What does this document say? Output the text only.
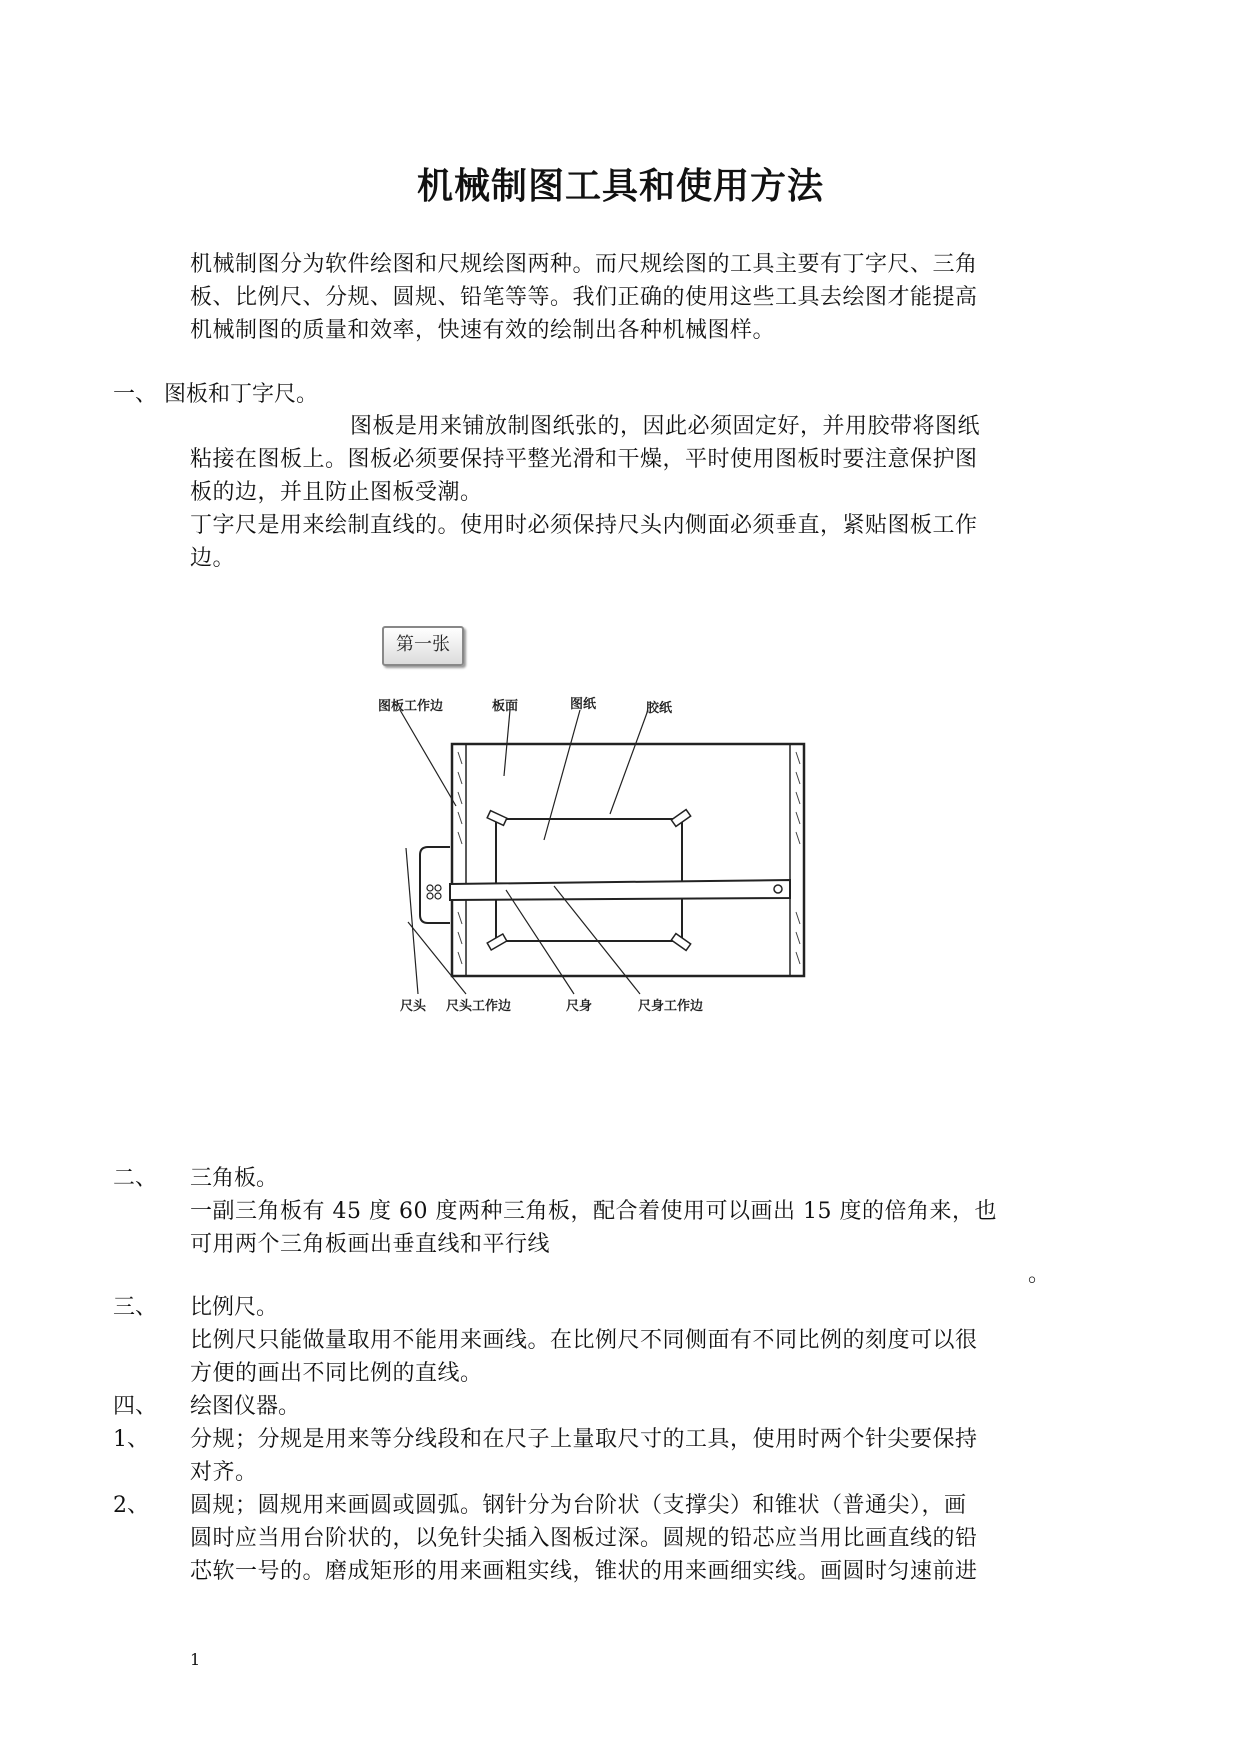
机械制图工具和使用方法
机械制图分为软件绘图和尺规绘图两种。而尺规绘图的工具主要有丁字尺、三角
板、比例尺、分规、圆规、铅笔等等。我们正确的使用这些工具去绘图才能提高
机械制图的质量和效率，快速有效的绘制出各种机械图样。
一、 图板和丁字尺。
图板是用来铺放制图纸张的，因此必须固定好，并用胶带将图纸
粘接在图板上。图板必须要保持平整光滑和干燥，平时使用图板时要注意保护图
板的边，并且防止图板受潮。
丁字尺是用来绘制直线的。使用时必须保持尺头内侧面必须垂直，紧贴图板工作
边。
第一张
图板工作边	板面	图纸	胶纸
尺头 尺头工作边	尺身	尺身工作边
二、 三角板。
一副三角板有 45 度 60 度两种三角板，配合着使用可以画出 15 度的倍角来，也
可用两个三角板画出垂直线和平行线
。
三、 比例尺。
比例尺只能做量取用不能用来画线。在比例尺不同侧面有不同比例的刻度可以很
方便的画出不同比例的直线。
四、 绘图仪器。
1、 分规；分规是用来等分线段和在尺子上量取尺寸的工具，使用时两个针尖要保持
对齐。
2、 圆规；圆规用来画圆或圆弧。钢针分为台阶状（支撑尖）和锥状（普通尖），画
圆时应当用台阶状的，以免针尖插入图板过深。圆规的铅芯应当用比画直线的铅
芯软一号的。磨成矩形的用来画粗实线，锥状的用来画细实线。画圆时匀速前进
1
